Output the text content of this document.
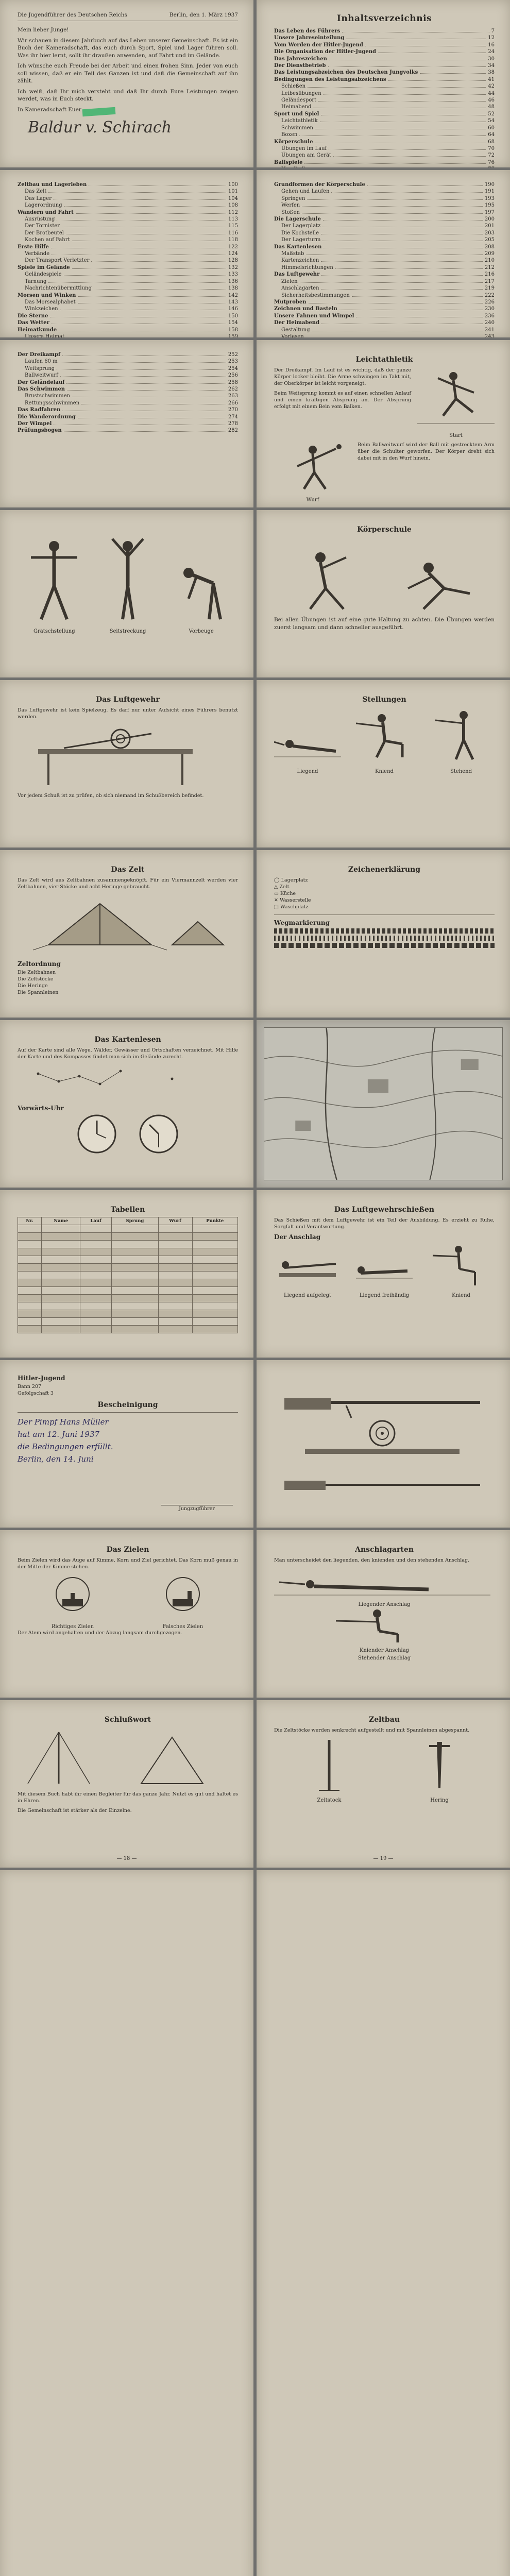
Die Jugendführer des Deutschen Reichs	Berlin, den 1. März 1937

Mein lieber Junge!

Wir schauen in diesem Jahrbuch auf das Leben unserer Gemeinschaft. Es ist ein Buch der Kameradschaft, das euch durch Sport, Spiel und Lager führen soll. Was ihr hier lernt, sollt ihr draußen anwenden, auf Fahrt und im Gelände.

Ich wünsche euch Freude bei der Arbeit und einen frohen Sinn. Jeder von euch soll wissen, daß er ein Teil des Ganzen ist und daß die Gemeinschaft auf ihn zählt.

Ich weiß, daß Ihr mich versteht und daß Ihr durch Eure Leistungen zeigen werdet, was in Euch steckt.

In Kameradschaft Euer

Baldur v. Schirach
Inhaltsverzeichnis
Das Leben des Führers	7
Unsere Jahreseinteilung	12
Vom Werden der Hitler-Jugend	16
Die Organisation der Hitler-Jugend	24
Das Jahreszeichen	30
Der Dienstbetrieb	34
Das Leistungsabzeichen des Deutschen Jungvolks	38
Bedingungen des Leistungsabzeichens	41
Schießen	42
Leibesübungen	44
Geländesport	46
Heimabend	48
Sport und Spiel	52
Leichtathletik	54
Schwimmen	60
Boxen	64
Körperschule	68
Übungen im Lauf	70
Übungen am Gerät	72
Ballspiele	76
Zeltbau und Lagerleben	100
Das Zelt	101
Das Lager	104
Lagerordnung	108
Wandern und Fahrt	112
Ausrüstung	113
Der Tornister	115
Der Brotbeutel	116
Kochen auf Fahrt	118
Erste Hilfe	122
Verbände	124
Der Transport Verletzter	128
Spiele im Gelände	132
Geländespiele	133
Tarnung	136
Nachrichtenübermittlung	138
Morsen und Winken	142
Das Morsealphabet	143
Winkzeichen	146
Die Sterne	150
Das Wetter	154
Heimatkunde	158
Unsere Heimat	159
Grundformen der Körperschule	190
Gehen und Laufen	191
Springen	193
Werfen	195
Stoßen	197
Die Lagerschule	200
Der Lagerplatz	201
Die Kochstelle	203
Der Lagerturm	205
Das Kartenlesen	208
Maßstab	209
Kartenzeichen	210
Himmelsrichtungen	212
Das Luftgewehr	216
Zielen	217
Anschlagarten	219
Sicherheitsbestimmungen	222
Mutproben	226
Zeichnen und Basteln	230
Unsere Fahnen und Wimpel	236
Der Heimabend	240
Gestaltung	241
Vorlesen	243
Der Dreikampf	252
Laufen 60 m	253
Weitsprung	254
Ballweitwurf	256
Der Geländelauf	258
Das Schwimmen	262
Brustschwimmen	263
Rettungsschwimmen	266
Das Radfahren	270
Die Wanderordnung	274
Der Wimpel	278
Prüfungsbogen	282
Leichtathletik

Der Dreikampf. Im Lauf ist es wichtig, daß der ganze Körper locker bleibt. Die Arme schwingen im Takt mit, der Oberkörper ist leicht vorgeneigt.

Beim Weitsprung kommt es auf einen schnellen Anlauf und einen kräftigen Absprung an. Der Absprung erfolgt mit einem Bein vom Balken.

Start
Wurf

Beim Ballweitwurf wird der Ball mit gestrecktem Arm über die Schulter geworfen. Der Körper dreht sich dabei mit in den Wurf hinein.

Grätschstellung	Seitstreckung	Vorbeuge
Körperschule

Bei allen Übungen ist auf eine gute Haltung zu achten. Die Übungen werden zuerst langsam und dann schneller ausgeführt.

Das Luftgewehr

Das Luftgewehr ist kein Spielzeug. Es darf nur unter Aufsicht eines Führers benutzt werden.

Vor jedem Schuß ist zu prüfen, ob sich niemand im Schußbereich befindet.

Stellungen
Liegend	Kniend	Stehend
Das Zelt

Das Zelt wird aus Zeltbahnen zusammengeknöpft. Für ein Viermannzelt werden vier Zeltbahnen, vier Stöcke und acht Heringe gebraucht.

Zeltordnung
Die Zeltbahnen
Die Zeltstöcke
Die Heringe
Die Spannleinen
Zeichenerklärung
◯ Lagerplatz
△ Zelt
▭ Küche
✕ Wasserstelle
⬚ Waschplatz
Wegmarkierung
Das Kartenlesen

Auf der Karte sind alle Wege, Wälder, Gewässer und Ortschaften verzeichnet. Mit Hilfe der Karte und des Kompasses findet man sich im Gelände zurecht.

Vorwärts-Uhr
Tabellen
Nr.	Name	Lauf	Sprung	Wurf	Punkte

Das Luftgewehrschießen

Das Schießen mit dem Luftgewehr ist ein Teil der Ausbildung. Es erzieht zu Ruhe, Sorgfalt und Verantwortung.

Der Anschlag
Liegend aufgelegt	Liegend freihändig	Kniend
Hitler-Jugend
Bann 207
Gefolgschaft 3
Bescheinigung
Der Pimpf Hans Müller
hat am 12. Juni 1937
die Bedingungen erfüllt.
Berlin, den 14. Juni
Jungzugführer
Das Zielen

Beim Zielen wird das Auge auf Kimme, Korn und Ziel gerichtet. Das Korn muß genau in der Mitte der Kimme stehen.

Richtiges Zielen	Falsches Zielen

Der Atem wird angehalten und der Abzug langsam durchgezogen.

Anschlagarten

Man unterscheidet den liegenden, den knienden und den stehenden Anschlag.

Liegender Anschlag
Kniender Anschlag
Stehender Anschlag
Schlußwort

Mit diesem Buch habt ihr einen Begleiter für das ganze Jahr. Nutzt es gut und haltet es in Ehren.

Die Gemeinschaft ist stärker als der Einzelne.

— 18 —
Zeltbau

Die Zeltstöcke werden senkrecht aufgestellt und mit Spannleinen abgespannt.

Zeltstock	Hering
— 19 —
